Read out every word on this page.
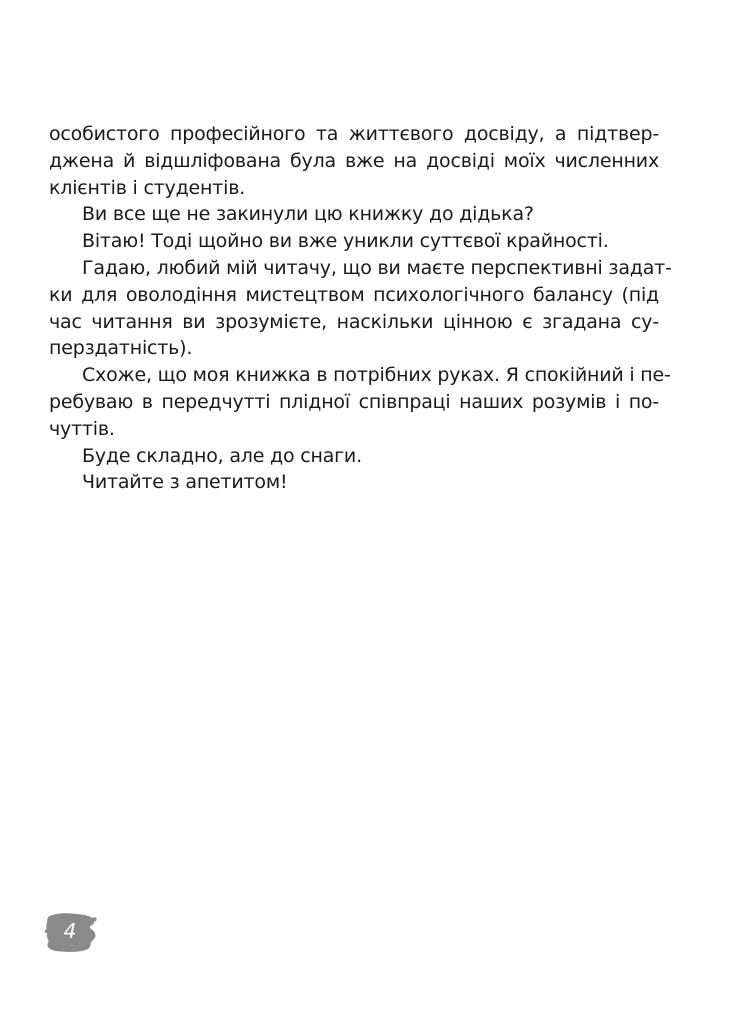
особистого професійного та життєвого досвіду, а підтвер-
джена й відшліфована була вже на досвіді моїх численних
клієнтів і студентів.
Ви все ще не закинули цю книжку до дідька?
Вітаю! Тоді щойно ви вже уникли суттєвої крайності.
Гадаю, любий мій читачу, що ви маєте перспективні задат-
ки для оволодіння мистецтвом психологічного балансу (під
час читання ви зрозумієте, наскільки цінною є згадана су-
перздатність).
Схоже, що моя книжка в потрібних руках. Я спокійний і пе-
ребуваю в передчутті плідної співпраці наших розумів і по-
чуттів.
Буде складно, але до снаги.
Читайте з апетитом!
4
